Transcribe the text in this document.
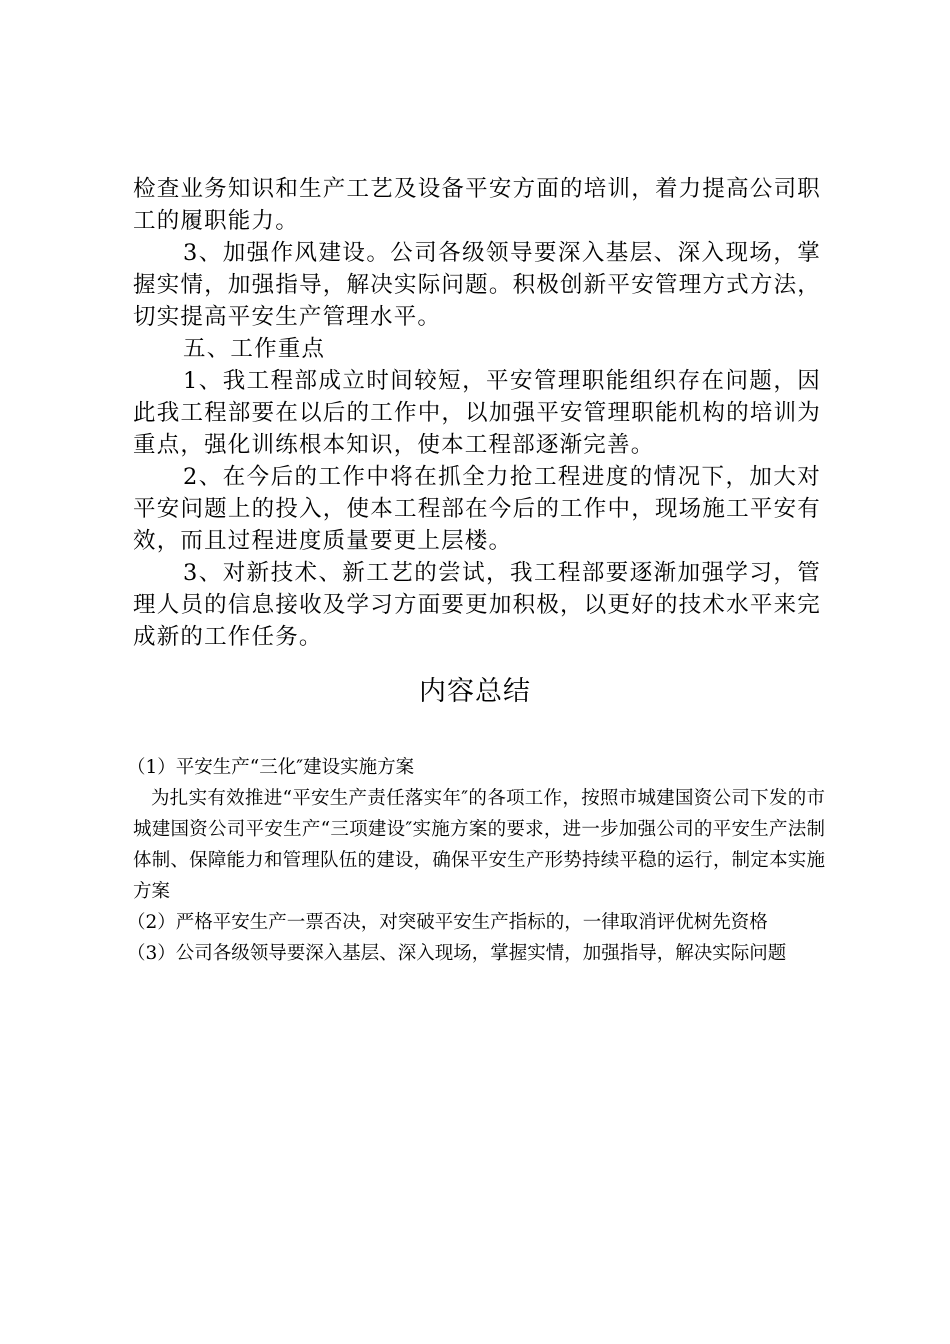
检查业务知识和生产工艺及设备平安方面的培训，着力提高公司职工的履职能力。

3、加强作风建设。公司各级领导要深入基层、深入现场，掌握实情，加强指导，解决实际问题。积极创新平安管理方式方法，切实提高平安生产管理水平。

五、工作重点

1、我工程部成立时间较短，平安管理职能组织存在问题，因此我工程部要在以后的工作中，以加强平安管理职能机构的培训为重点，强化训练根本知识，使本工程部逐渐完善。

2、在今后的工作中将在抓全力抢工程进度的情况下，加大对平安问题上的投入，使本工程部在今后的工作中，现场施工平安有效，而且过程进度质量要更上层楼。

3、对新技术、新工艺的尝试，我工程部要逐渐加强学习，管理人员的信息接收及学习方面要更加积极，以更好的技术水平来完成新的工作任务。

内容总结

（1）平安生产“三化″建设实施方案

为扎实有效推进“平安生产责任落实年″的各项工作，按照市城建国资公司下发的市城建国资公司平安生产“三项建设″实施方案的要求，进一步加强公司的平安生产法制体制、保障能力和管理队伍的建设，确保平安生产形势持续平稳的运行，制定本实施方案

（2）严格平安生产一票否决，对突破平安生产指标的，一律取消评优树先资格

（3）公司各级领导要深入基层、深入现场，掌握实情，加强指导，解决实际问题
